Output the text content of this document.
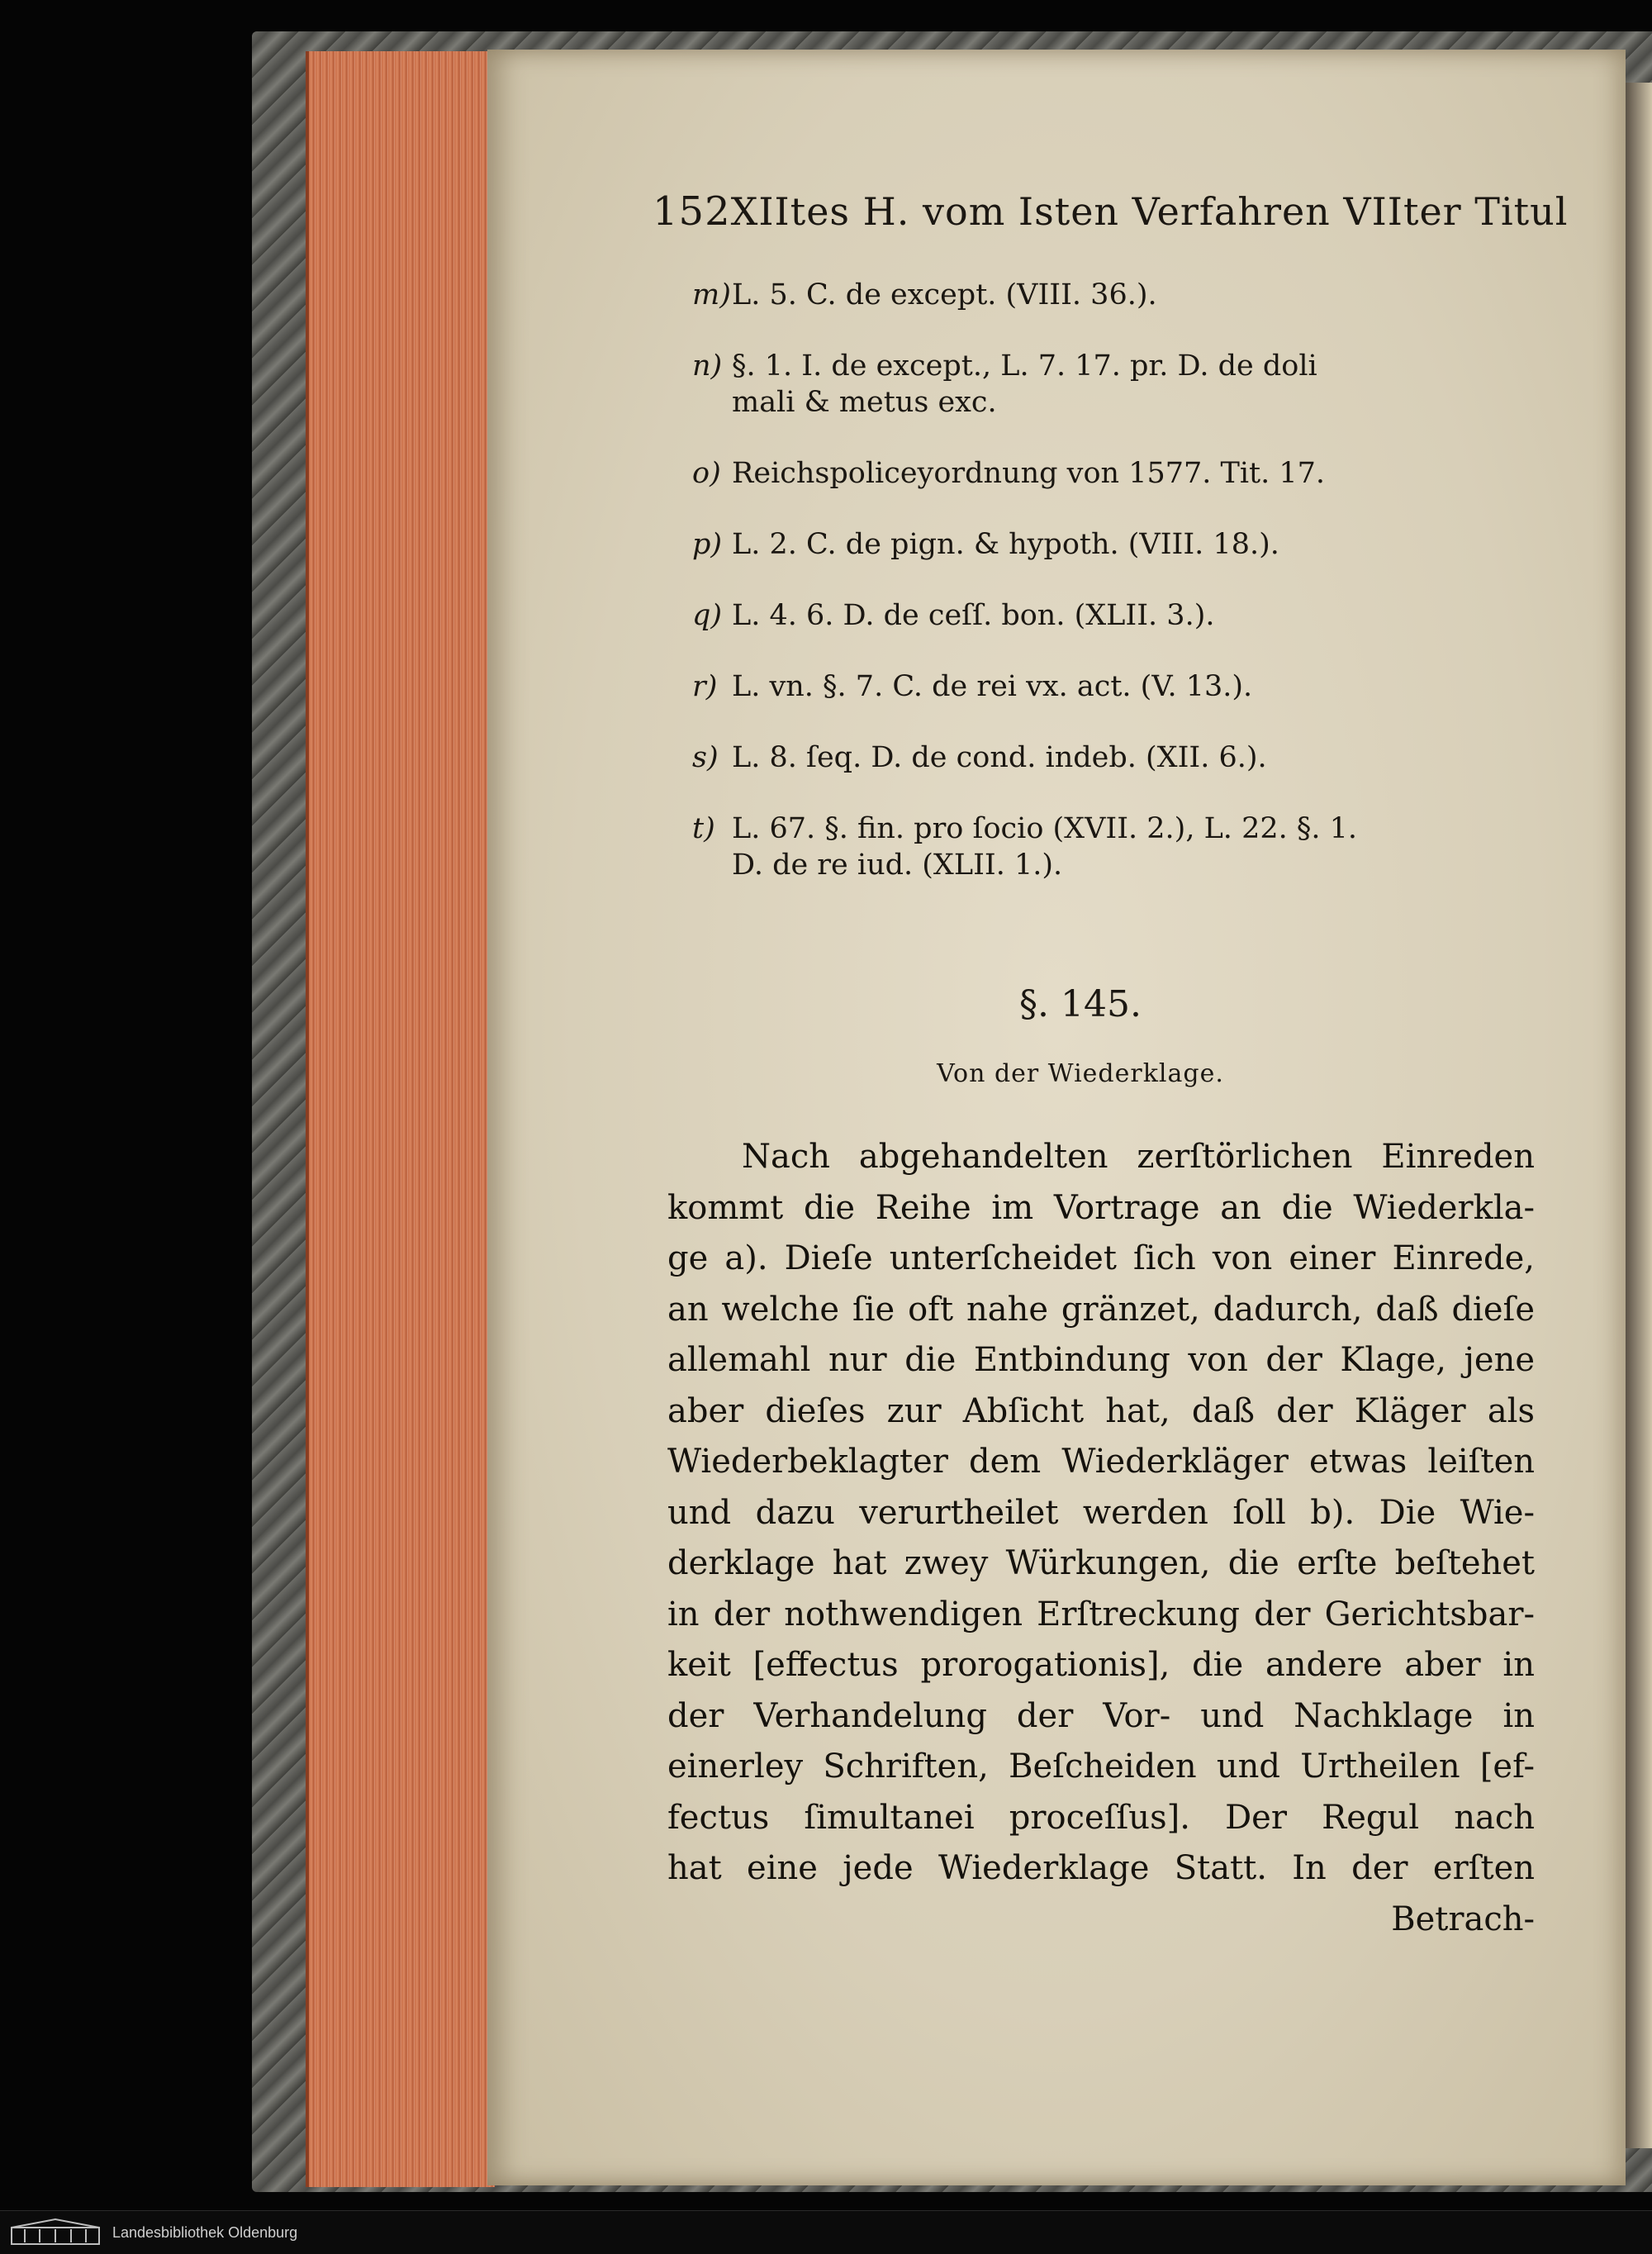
152 XIItes H. vom Isten Verfahren VIIter Titul
m) L. 5. C. de except. (VIII. 36.).
n) §. 1. I. de except., L. 7. 17. pr. D. de doli
mali & metus exc.
o) Reichspoliceyordnung von 1577. Tit. 17.
p) L. 2. C. de pign. & hypoth. (VIII. 18.).
q) L. 4. 6. D. de ceſſ. bon. (XLII. 3.).
r) L. vn. §. 7. C. de rei vx. act. (V. 13.).
s) L. 8. ſeq. D. de cond. indeb. (XII. 6.).
t) L. 67. §. fin. pro ſocio (XVII. 2.), L. 22. §. 1.
D. de re iud. (XLII. 1.).
§. 145.
Von der Wiederklage.
Nach abgehandelten zerſtörlichen Einreden
kommt die Reihe im Vortrage an die Wiederkla-
ge a). Dieſe unterſcheidet ſich von einer Einrede,
an welche ſie oft nahe gränzet, dadurch, daß dieſe
allemahl nur die Entbindung von der Klage, jene
aber dieſes zur Abſicht hat, daß der Kläger als
Wiederbeklagter dem Wiederkläger etwas leiſten
und dazu verurtheilet werden ſoll b). Die Wie-
derklage hat zwey Würkungen, die erſte beſtehet
in der nothwendigen Erſtreckung der Gerichtsbar-
keit [effectus prorogationis], die andere aber in
der Verhandelung der Vor- und Nachklage in
einerley Schriften, Beſcheiden und Urtheilen [ef-
fectus ſimultanei proceſſus]. Der Regul nach
hat eine jede Wiederklage Statt. In der erſten
Betrach-
Landesbibliothek Oldenburg
